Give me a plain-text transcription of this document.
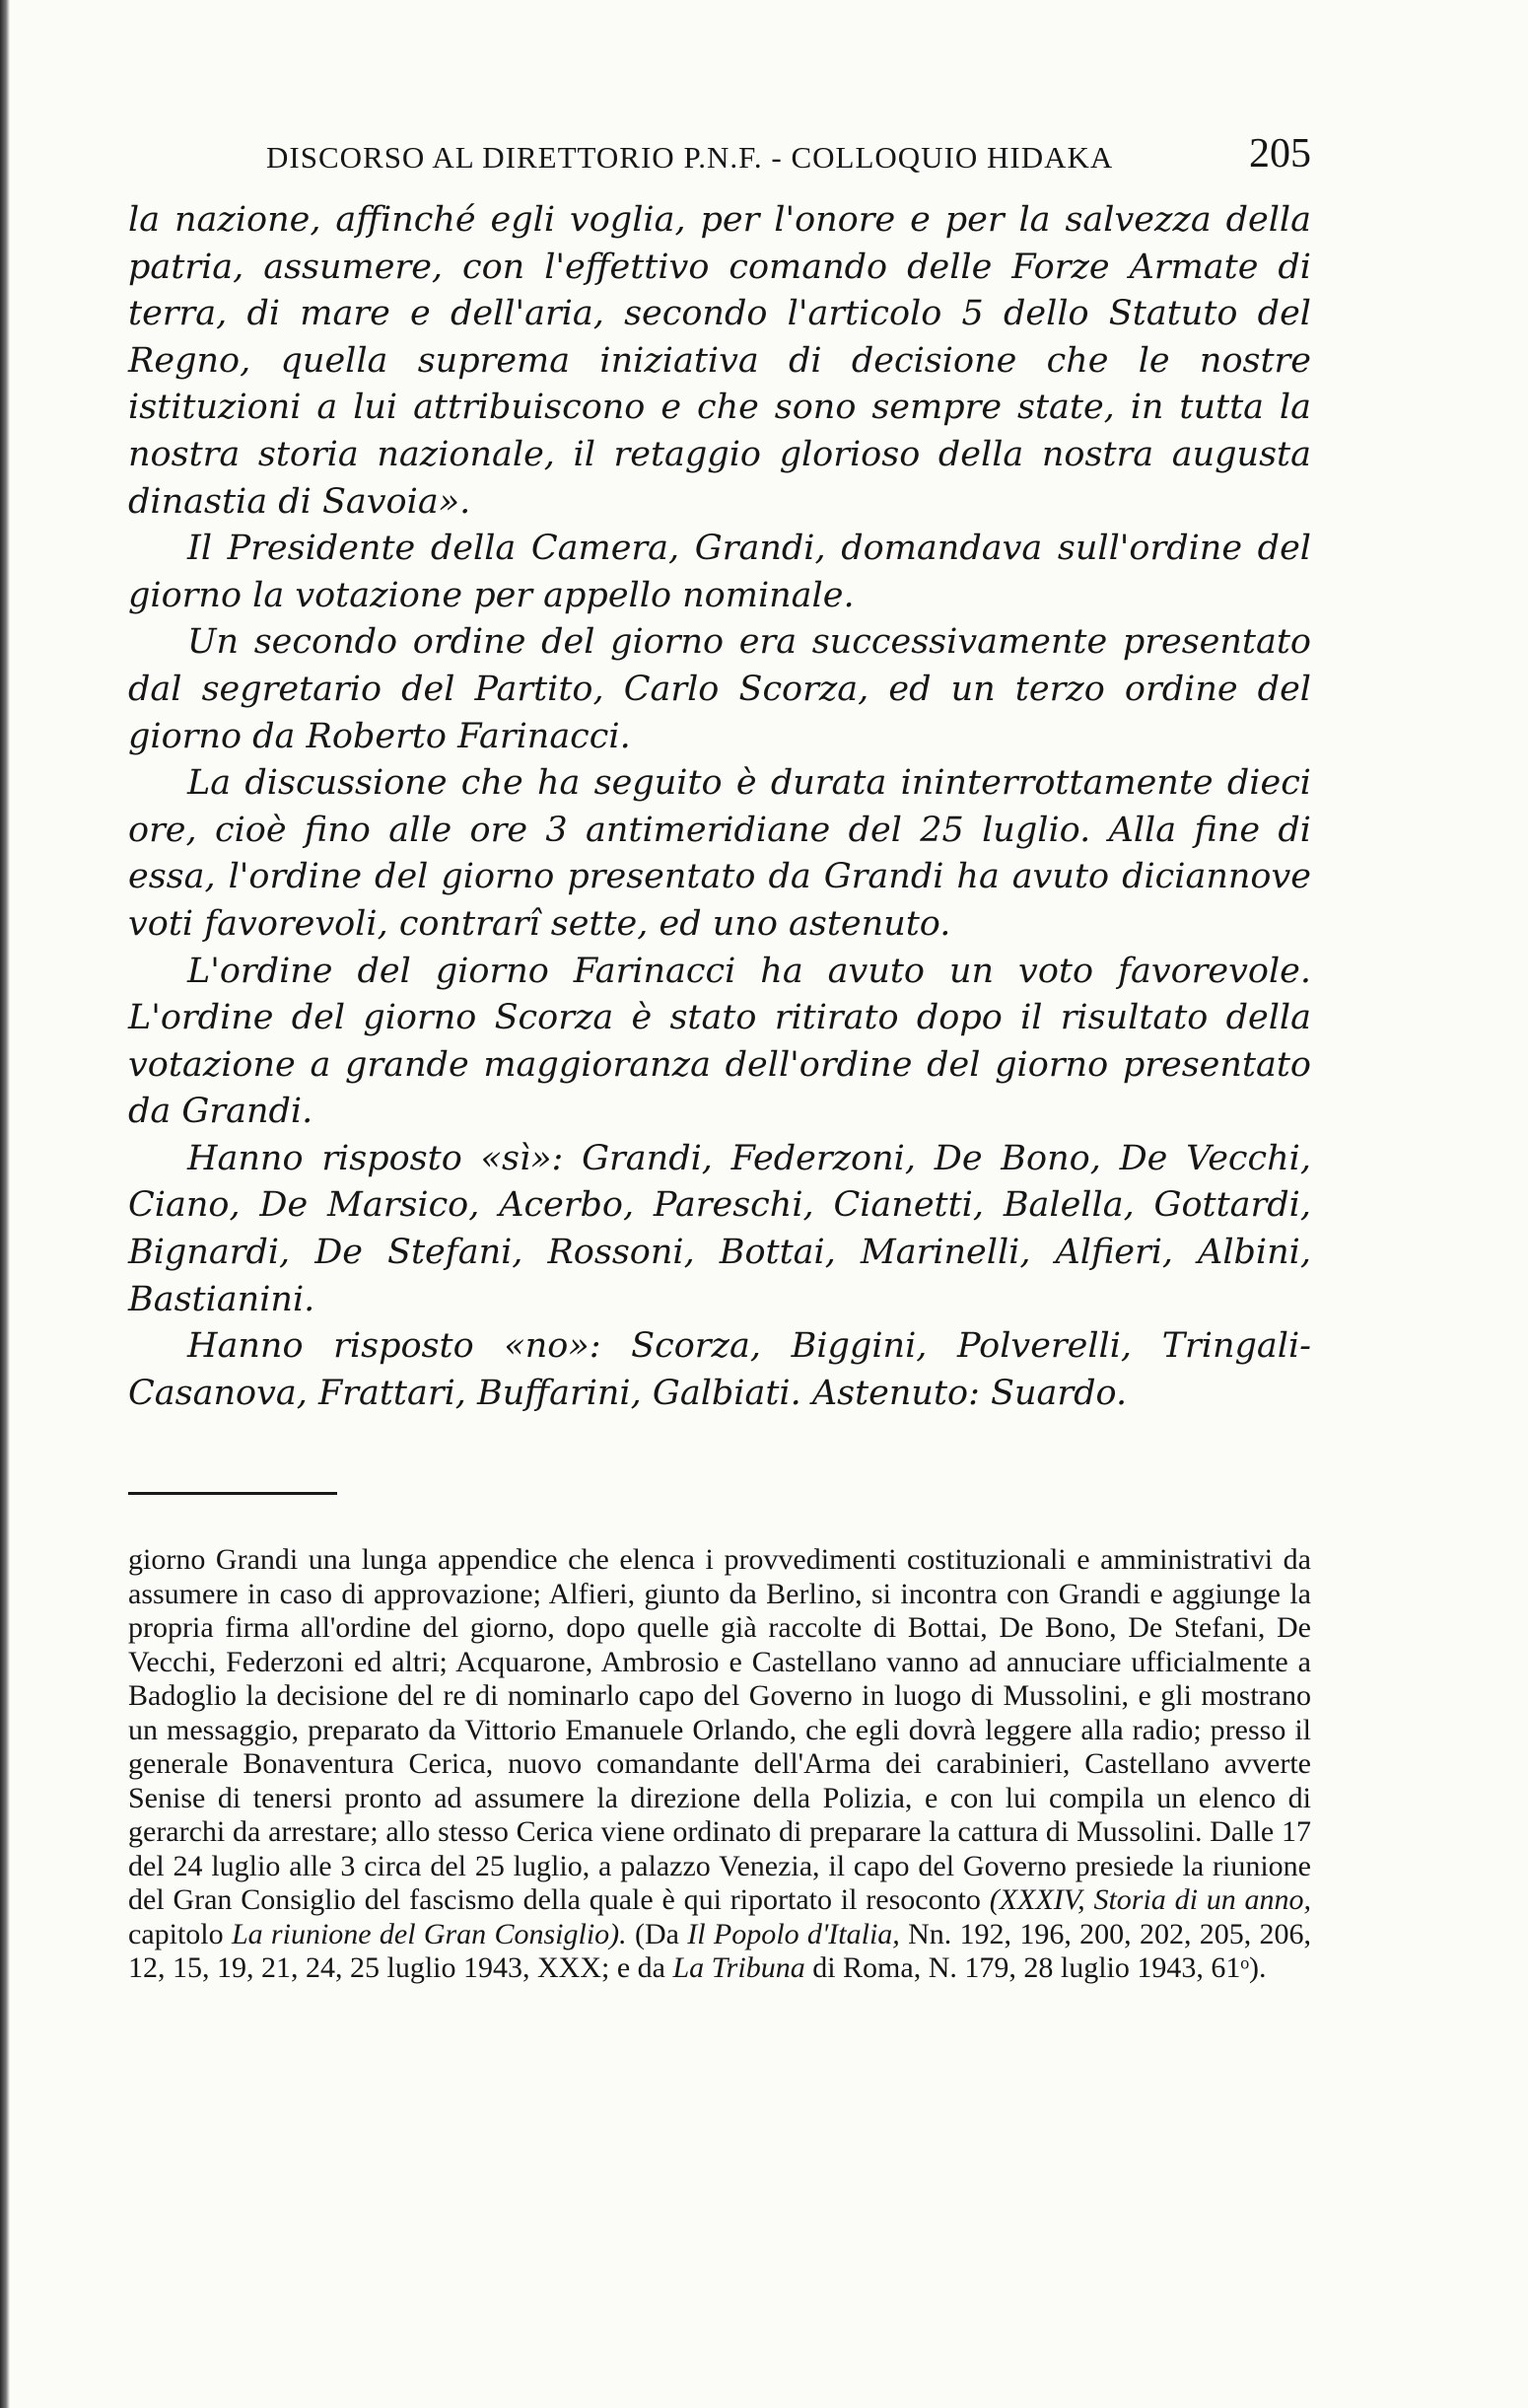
DISCORSO AL DIRETTORIO P.N.F. - COLLOQUIO HIDAKA	205

la nazione, affinché egli voglia, per l'onore e per la salvezza della patria, assumere, con l'effettivo comando delle Forze Armate di terra, di mare e dell'aria, secondo l'articolo 5 dello Statuto del Regno, quella suprema iniziativa di decisione che le nostre istituzioni a lui attribuiscono e che sono sempre state, in tutta la nostra storia nazionale, il retaggio glorioso della nostra augusta dinastia di Savoia».

Il Presidente della Camera, Grandi, domandava sull'ordine del giorno la votazione per appello nominale.

Un secondo ordine del giorno era successivamente presentato dal segretario del Partito, Carlo Scorza, ed un terzo ordine del giorno da Roberto Farinacci.

La discussione che ha seguito è durata ininterrottamente dieci ore, cioè fino alle ore 3 antimeridiane del 25 luglio. Alla fine di essa, l'ordine del giorno presentato da Grandi ha avuto diciannove voti favorevoli, contrarî sette, ed uno astenuto.

L'ordine del giorno Farinacci ha avuto un voto favorevole. L'ordine del giorno Scorza è stato ritirato dopo il risultato della votazione a grande maggioranza dell'ordine del giorno presentato da Grandi.

Hanno risposto «sì»: Grandi, Federzoni, De Bono, De Vecchi, Ciano, De Marsico, Acerbo, Pareschi, Cianetti, Balella, Gottardi, Bignardi, De Stefani, Rossoni, Bottai, Marinelli, Alfieri, Albini, Bastianini.

Hanno risposto «no»: Scorza, Biggini, Polverelli, Tringali-Casanova, Frattari, Buffarini, Galbiati. Astenuto: Suardo.

giorno Grandi una lunga appendice che elenca i provvedimenti costituzionali e amministrativi da assumere in caso di approvazione; Alfieri, giunto da Berlino, si incontra con Grandi e aggiunge la propria firma all'ordine del giorno, dopo quelle già raccolte di Bottai, De Bono, De Stefani, De Vecchi, Federzoni ed altri; Acquarone, Ambrosio e Castellano vanno ad annuciare ufficialmente a Badoglio la decisione del re di nominarlo capo del Governo in luogo di Mussolini, e gli mostrano un messaggio, preparato da Vittorio Emanuele Orlando, che egli dovrà leggere alla radio; presso il generale Bonaventura Cerica, nuovo comandante dell'Arma dei carabinieri, Castellano avverte Senise di tenersi pronto ad assumere la direzione della Polizia, e con lui compila un elenco di gerarchi da arrestare; allo stesso Cerica viene ordinato di preparare la cattura di Mussolini. Dalle 17 del 24 luglio alle 3 circa del 25 luglio, a palazzo Venezia, il capo del Governo presiede la riunione del Gran Consiglio del fascismo della quale è qui riportato il resoconto (XXXIV, Storia di un anno, capitolo La riunione del Gran Consiglio). (Da Il Popolo d'Italia, Nn. 192, 196, 200, 202, 205, 206, 12, 15, 19, 21, 24, 25 luglio 1943, XXX; e da La Tribuna di Roma, N. 179, 28 luglio 1943, 61ᵒ).
